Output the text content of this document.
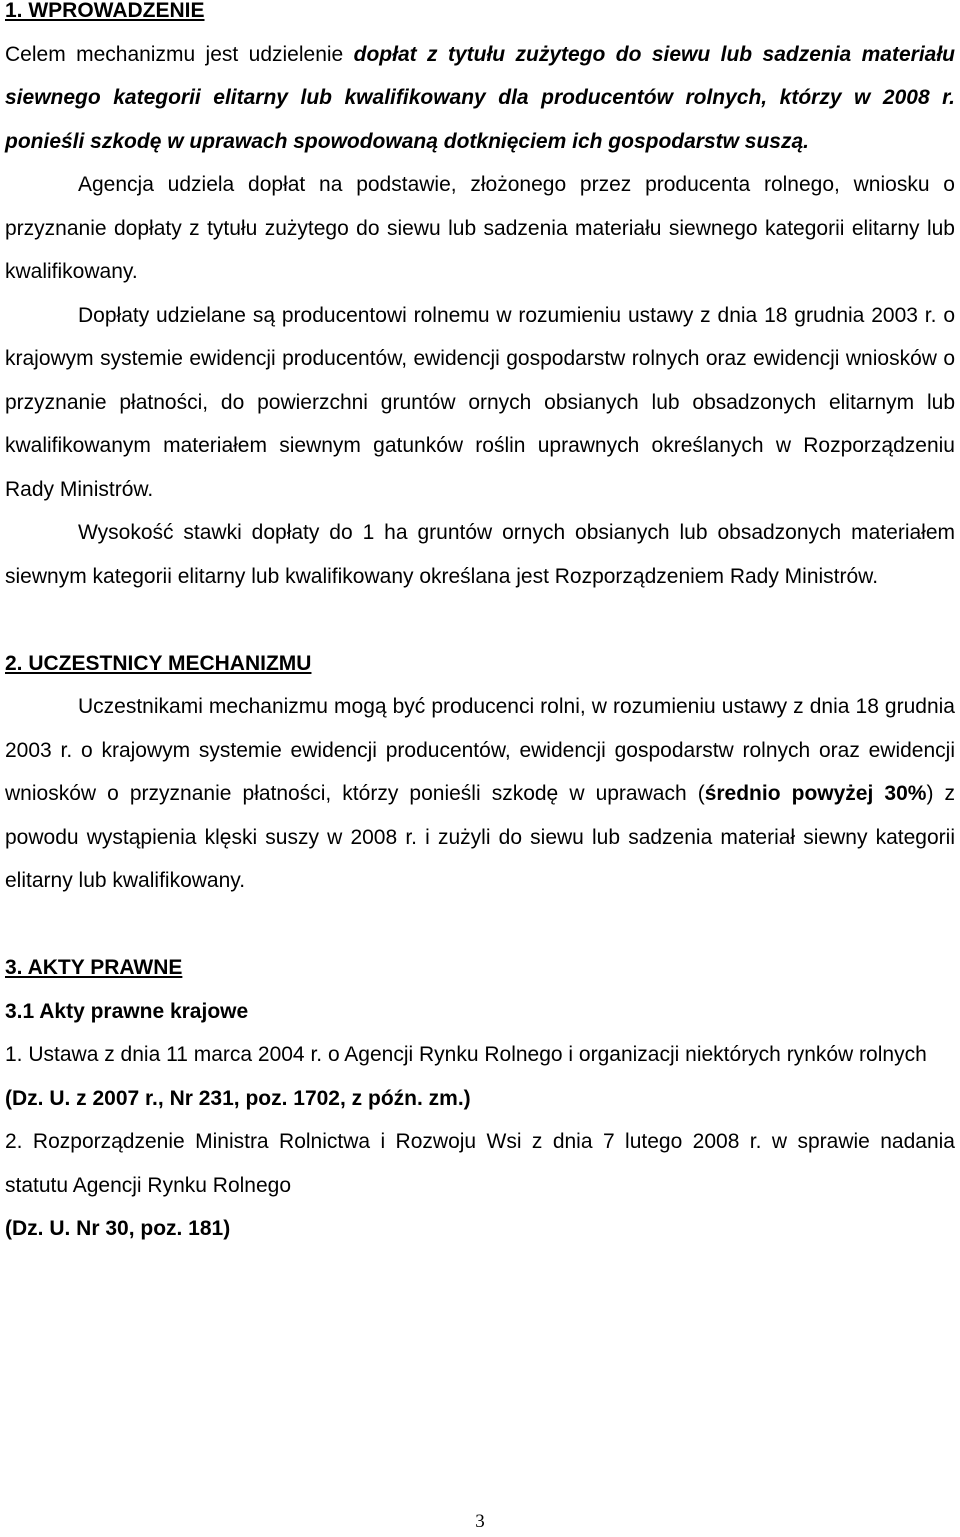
1. WPROWADZENIE

Celem mechanizmu jest udzielenie dopłat z tytułu zużytego do siewu lub sadzenia materiału siewnego kategorii elitarny lub kwalifikowany dla producentów rolnych, którzy w 2008 r. ponieśli szkodę w uprawach spowodowaną dotknięciem ich gospodarstw suszą.

Agencja udziela dopłat na podstawie, złożonego przez producenta rolnego, wniosku o przyznanie dopłaty z tytułu zużytego do siewu lub sadzenia materiału siewnego kategorii elitarny lub kwalifikowany.

Dopłaty udzielane są producentowi rolnemu w rozumieniu ustawy z dnia 18 grudnia 2003 r. o krajowym systemie ewidencji producentów, ewidencji gospodarstw rolnych oraz ewidencji wniosków o przyznanie płatności, do powierzchni gruntów ornych obsianych lub obsadzonych elitarnym lub kwalifikowanym materiałem siewnym gatunków roślin uprawnych określanych w Rozporządzeniu Rady Ministrów.

Wysokość stawki dopłaty do 1 ha gruntów ornych obsianych lub obsadzonych materiałem siewnym kategorii elitarny lub kwalifikowany określana jest Rozporządzeniem Rady Ministrów.

2. UCZESTNICY MECHANIZMU

Uczestnikami mechanizmu mogą być producenci rolni, w rozumieniu ustawy z dnia 18 grudnia 2003 r. o krajowym systemie ewidencji producentów, ewidencji gospodarstw rolnych oraz ewidencji wniosków o przyznanie płatności, którzy ponieśli szkodę w uprawach (średnio powyżej 30%) z powodu wystąpienia klęski suszy w 2008 r. i zużyli do siewu lub sadzenia materiał siewny kategorii elitarny lub kwalifikowany.

3. AKTY PRAWNE
3.1 Akty prawne krajowe

1. Ustawa z dnia 11 marca 2004 r. o Agencji Rynku Rolnego i organizacji niektórych rynków rolnych

(Dz. U. z 2007 r., Nr 231, poz. 1702, z późn. zm.)

2. Rozporządzenie Ministra Rolnictwa i Rozwoju Wsi z dnia 7 lutego 2008 r. w sprawie nadania statutu Agencji Rynku Rolnego

(Dz. U. Nr 30, poz. 181)

3
